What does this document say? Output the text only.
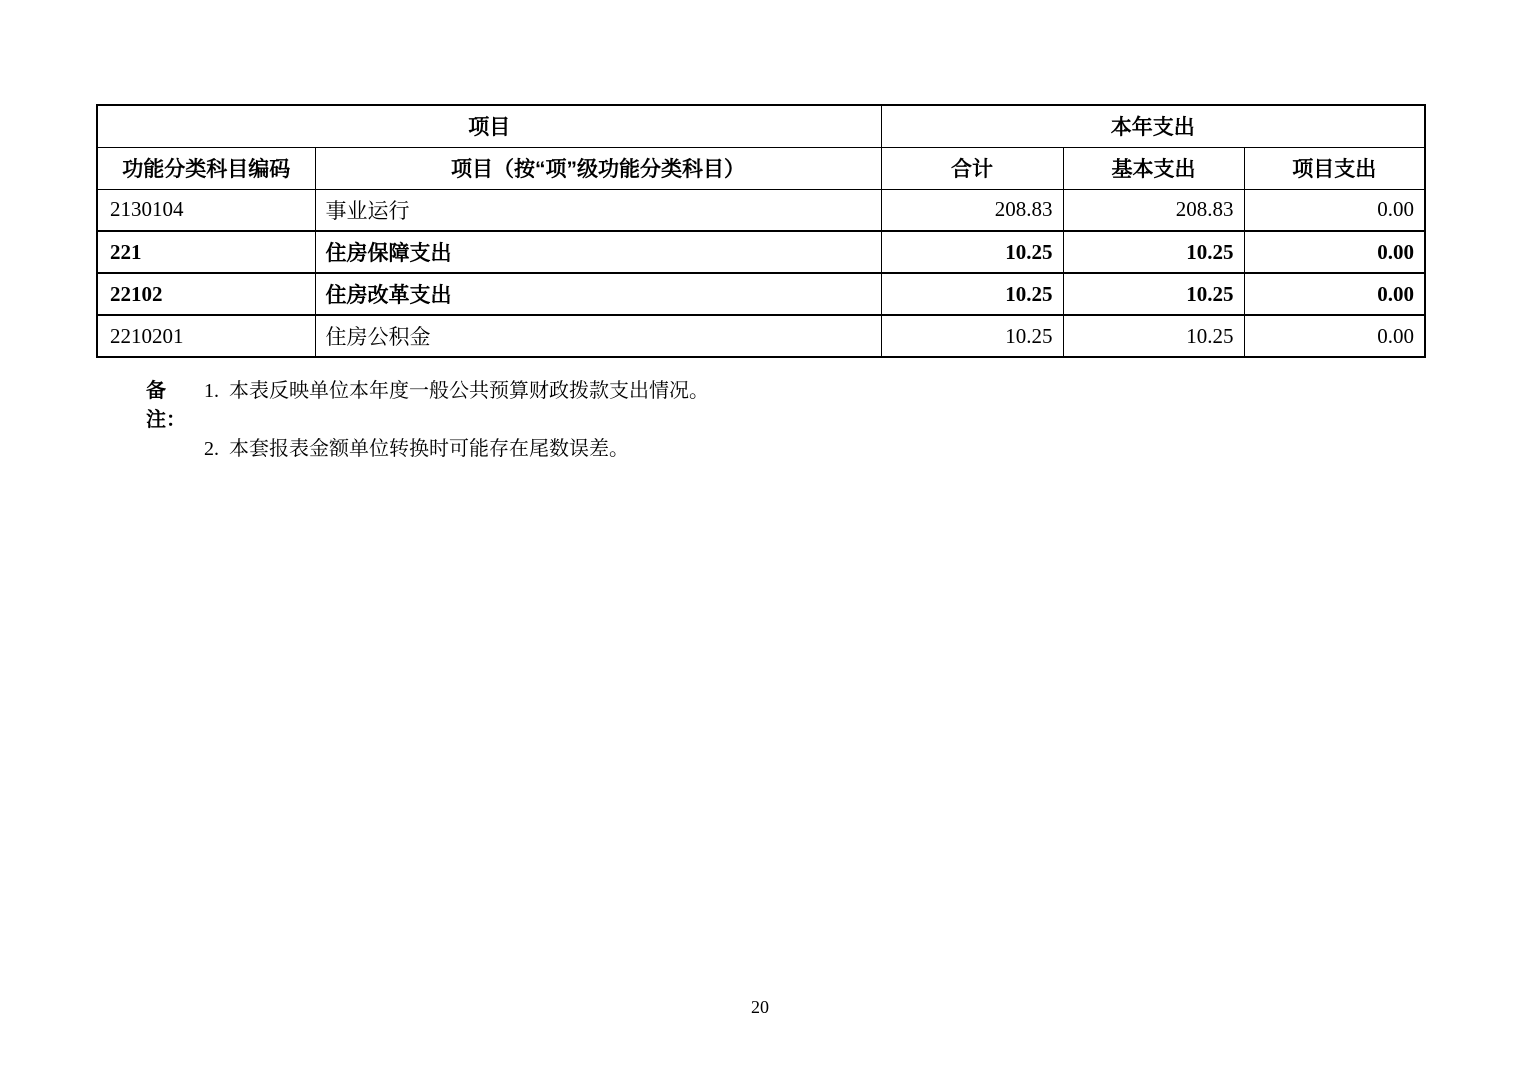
项目		本年支出		
功能分类科目编码	项目（按“项”级功能分类科目）	合计	基本支出	项目支出
2130104	事业运行	208.83	208.83	0.00
221	住房保障支出	10.25	10.25	0.00
22102	住房改革支出	10.25	10.25	0.00
2210201	住房公积金	10.25	10.25	0.00
备注：
1.  本表反映单位本年度一般公共预算财政拨款支出情况。
2.  本套报表金额单位转换时可能存在尾数误差。
20
